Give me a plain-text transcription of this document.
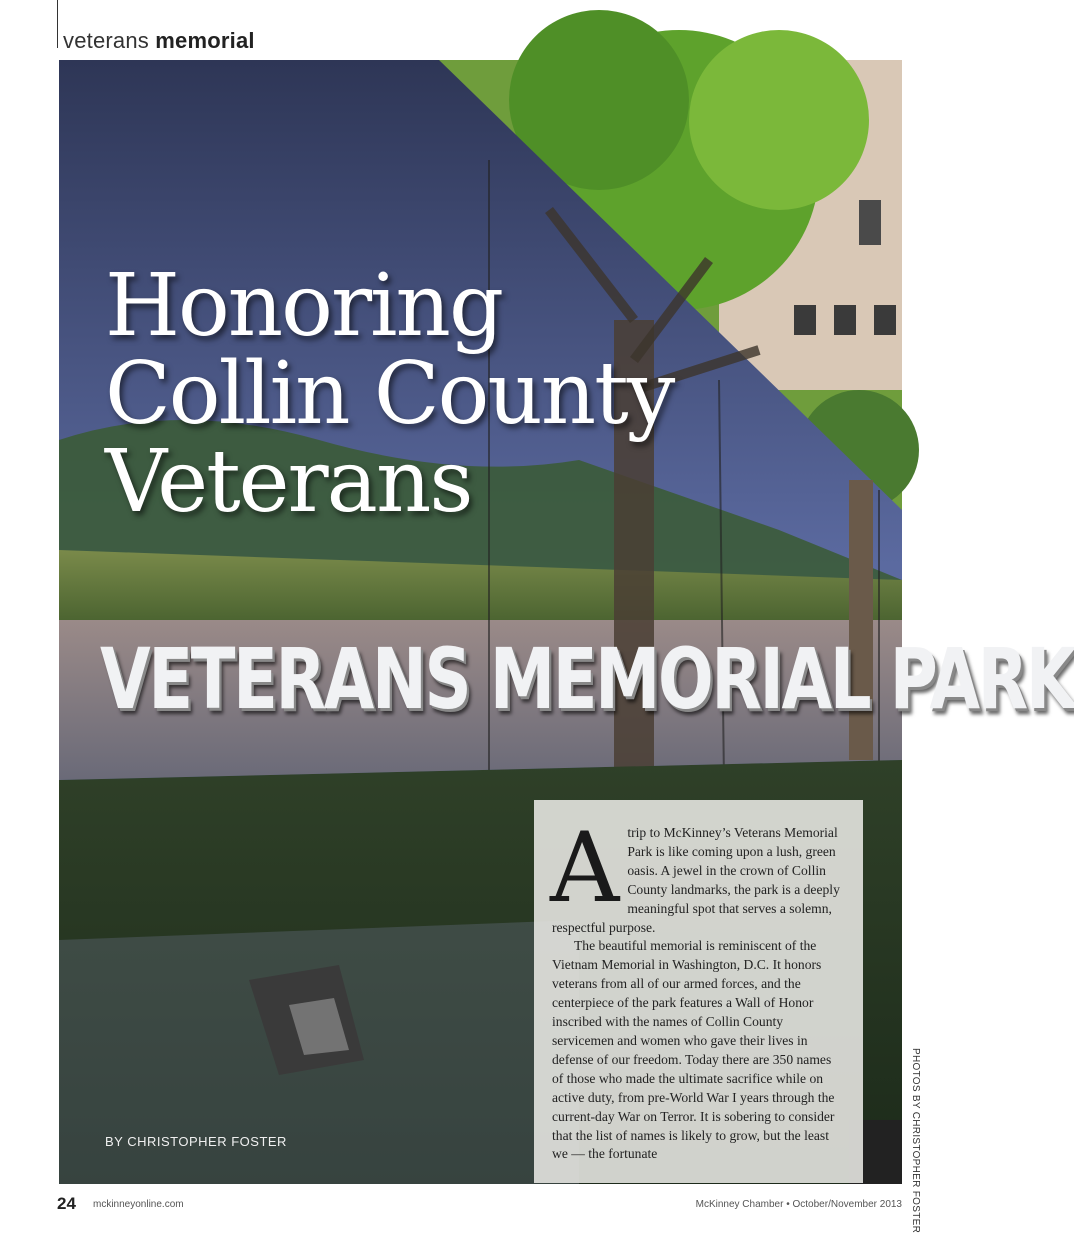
veterans memorial
Honoring
Collin County
Veterans
VETERANS MEMORIAL PARK
BY CHRISTOPHER FOSTER
A trip to McKinney’s Veterans Memorial Park is like coming upon a lush, green oasis. A jewel in the crown of Collin County landmarks, the park is a deeply meaningful spot that serves a solemn, respectful purpose.

The beautiful memorial is reminiscent of the Vietnam Memorial in Washington, D.C. It honors veterans from all of our armed forces, and the centerpiece of the park features a Wall of Honor inscribed with the names of Collin County servicemen and women who gave their lives in defense of our freedom. Today there are 350 names of those who made the ultimate sacrifice while on active duty, from pre-World War I years through the current-day War on Terror. It is sobering to consider that the list of names is likely to grow, but the least we — the fortunate	PHOTOS BY CHRISTOPHER FOSTER
24 mckinneyonline.com	McKinney Chamber • October/November 2013
